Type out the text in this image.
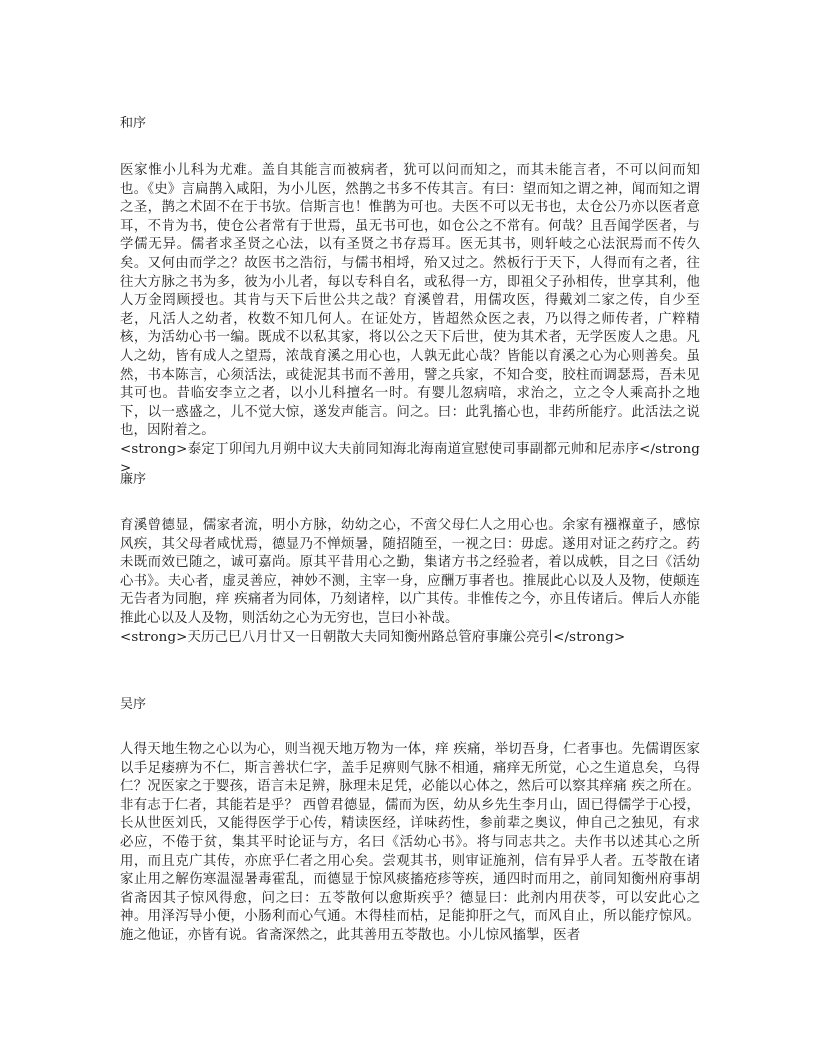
和序

医家惟小儿科为尤难。盖自其能言而被病者，犹可以问而知之，而其未能言者，不可以问而知也。《史》言扁鹊入咸阳，为小儿医，然鹊之书多不传其言。有曰：望而知之谓之神，闻而知之谓之圣，鹊之术固不在于书欤。信斯言也！惟鹊为可也。夫医不可以无书也，太仓公乃亦以医者意耳，不肯为书，使仓公者常有于世焉，虽无书可也，如仓公之不常有。何哉？且吾闻学医者，与学儒无异。儒者求圣贤之心法，以有圣贤之书存焉耳。医无其书，则轩岐之心法泯焉而不传久矣。又何由而学之？故医书之浩衍，与儒书相埒，殆又过之。然板行于天下，人得而有之者，往往大方脉之书为多，彼为小儿者，每以专科自名，或私得一方，即祖父子孙相传，世享其利，他人万金罔顾授也。其肯与天下后世公共之哉？育溪曾君，用儒攻医，得戴刘二家之传，自少至老，凡活人之幼者，枚数不知几何人。在证处方，皆超然众医之表，乃以得之师传者，广粹精核，为活幼心书一编。既成不以私其家，将以公之天下后世，使为其术者，无学医废人之患。凡人之幼，皆有成人之望焉，浓哉育溪之用心也，人孰无此心哉？皆能以育溪之心为心则善矣。虽然，书本陈言，心须活法，或徒泥其书而不善用，譬之兵家，不知合变，胶柱而调瑟焉，吾未见其可也。昔临安李立之者，以小儿科擅名一时。有婴儿忽病喑，求治之，立之令人乘高扑之地下，以一惑盛之，儿不觉大惊，遂发声能言。问之。曰：此乳搐心也，非药所能疗。此活法之说也，因附着之。
<strong>泰定丁卯闰九月朔中议大夫前同知海北海南道宣慰使司事副都元帅和尼赤序</strong>

廉序

育溪曾德显，儒家者流，明小方脉，幼幼之心，不啻父母仁人之用心也。余家有襁褓童子，感惊风疾，其父母者咸忧焉，德显乃不惮烦暑，随招随至，一视之曰：毋虑。遂用对证之药疗之。药未既而效已随之，诚可嘉尚。原其平昔用心之勤，集诸方书之经验者，着以成帙，目之曰《活幼心书》。夫心者，虚灵善应，神妙不测，主宰一身，应酬万事者也。推展此心以及人及物，使颠连无告者为同胞，痒 疾痛者为同体，乃刻诸梓，以广其传。非惟传之今，亦且传诸后。俾后人亦能推此心以及人及物，则活幼之心为无穷也，岂曰小补哉。
<strong>天历己巳八月廿又一日朝散大夫同知衡州路总管府事廉公亮引</strong>

吴序

人得天地生物之心以为心，则当视天地万物为一体，痒 疾痛，举切吾身，仁者事也。先儒谓医家以手足痿痹为不仁，斯言善状仁字，盖手足痹则气脉不相通，痛痒无所觉，心之生道息矣，乌得仁？况医家之于婴孩，语言未足辨，脉理未足凭，必能以心体之，然后可以察其痒痛 疾之所在。非有志于仁者，其能若是乎？ 西曾君德显，儒而为医，幼从乡先生李月山，固已得儒学于心授，长从世医刘氏，又能得医学于心传，精读医经，详味药性，参前辈之奥议，伸自己之独见，有求必应，不倦于贫，集其平时论证与方，名曰《活幼心书》。将与同志共之。夫作书以述其心之所用，而且克广其传，亦庶乎仁者之用心矣。尝观其书，则审证施剂，信有异乎人者。五苓散在诸家止用之解伤寒温湿暑毒霍乱，而德显于惊风痰搐疮疹等疾，通四时而用之，前同知衡州府事胡省斋因其子惊风得愈，问之曰：五苓散何以愈斯疾乎？德显曰：此剂内用茯苓，可以安此心之神。用泽泻导小便，小肠利而心气通。木得桂而枯，足能抑肝之气，而风自止，所以能疗惊风。施之他证，亦皆有说。省斋深然之，此其善用五苓散也。小儿惊风搐掣，医者
